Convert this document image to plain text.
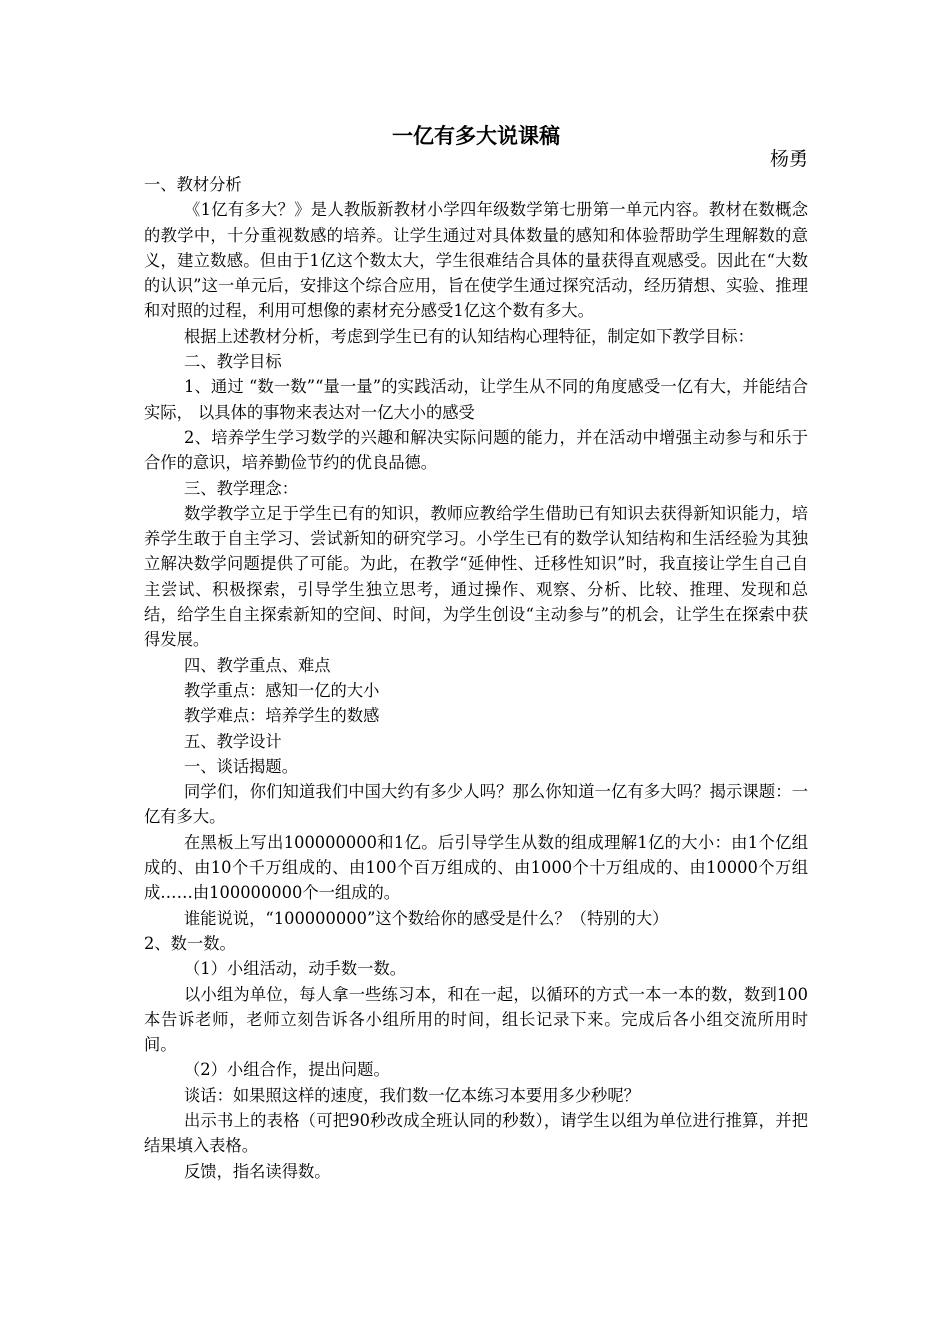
一亿有多大说课稿
杨勇

一、教材分析

《1亿有多大？》是人教版新教材小学四年级数学第七册第一单元内容。教材在数概念的教学中，十分重视数感的培养。让学生通过对具体数量的感知和体验帮助学生理解数的意义，建立数感。但由于1亿这个数太大，学生很难结合具体的量获得直观感受。因此在“大数的认识”这一单元后，安排这个综合应用，旨在使学生通过探究活动，经历猜想、实验、推理和对照的过程，利用可想像的素材充分感受1亿这个数有多大。

根据上述教材分析，考虑到学生已有的认知结构心理特征，制定如下教学目标：

二、教学目标

1、通过 “数一数”“量一量”的实践活动，让学生从不同的角度感受一亿有大，并能结合实际， 以具体的事物来表达对一亿大小的感受

2、培养学生学习数学的兴趣和解决实际问题的能力，并在活动中增强主动参与和乐于合作的意识，培养勤俭节约的优良品德。

三、教学理念：

数学教学立足于学生已有的知识，教师应教给学生借助已有知识去获得新知识能力，培养学生敢于自主学习、尝试新知的研究学习。小学生已有的数学认知结构和生活经验为其独立解决数学问题提供了可能。为此，在教学“延伸性、迁移性知识”时，我直接让学生自己自主尝试、积极探索，引导学生独立思考，通过操作、观察、分析、比较、推理、发现和总结，给学生自主探索新知的空间、时间，为学生创设“主动参与”的机会，让学生在探索中获得发展。

四、教学重点、难点

教学重点：感知一亿的大小

教学难点：培养学生的数感

五、教学设计

一、谈话揭题。

同学们，你们知道我们中国大约有多少人吗？那么你知道一亿有多大吗？揭示课题：一亿有多大。

在黑板上写出100000000和1亿。后引导学生从数的组成理解1亿的大小：由1个亿组成的、由10个千万组成的、由100个百万组成的、由1000个十万组成的、由10000个万组成……由100000000个一组成的。

谁能说说，“100000000”这个数给你的感受是什么？（特别的大）

2、数一数。

（1）小组活动，动手数一数。

以小组为单位，每人拿一些练习本，和在一起，以循环的方式一本一本的数，数到100本告诉老师，老师立刻告诉各小组所用的时间，组长记录下来。完成后各小组交流所用时间。

（2）小组合作，提出问题。

谈话：如果照这样的速度，我们数一亿本练习本要用多少秒呢？

出示书上的表格（可把90秒改成全班认同的秒数），请学生以组为单位进行推算，并把结果填入表格。

反馈，指名读得数。
